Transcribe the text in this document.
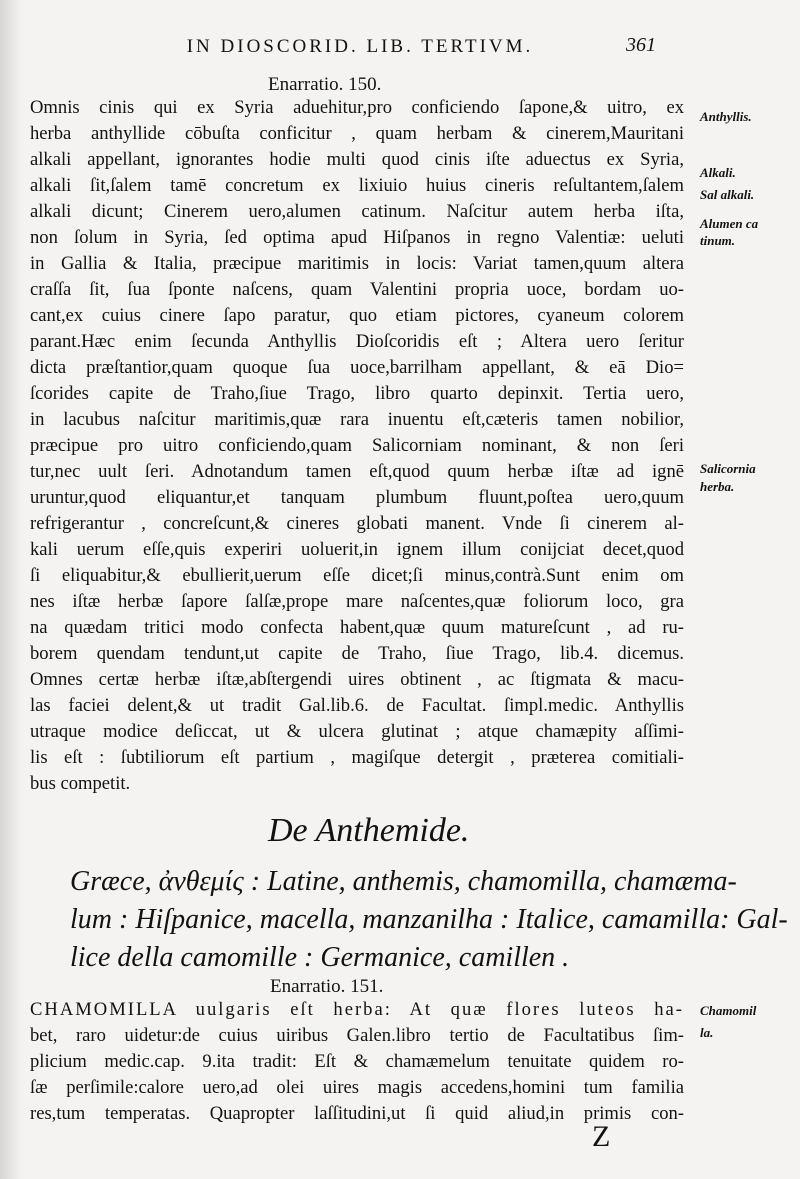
IN DIOSCORID. LIB. TERTIVM.	361
Enarratio. 150.
Omnis cinis qui ex Syria aduehitur,pro conficiendo ſapone,& uitro, ex
herba anthyllide cōbuſta conficitur , quam herbam & cinerem,Mauritani
alkali appellant, ignorantes hodie multi quod cinis iſte aduectus ex Syria,
alkali ſit,ſalem tamē concretum ex lixiuio huius cineris reſultantem,ſalem
alkali dicunt; Cinerem uero,alumen catinum. Naſcitur autem herba iſta,
non ſolum in Syria, ſed optima apud Hiſpanos in regno Valentiæ: ueluti
in Gallia & Italia, præcipue maritimis in locis: Variat tamen,quum altera
craſſa ſit, ſua ſponte naſcens, quam Valentini propria uoce, bordam uo-
cant,ex cuius cinere ſapo paratur, quo etiam pictores, cyaneum colorem
parant.Hæc enim ſecunda Anthyllis Dioſcoridis eſt ; Altera uero ſeritur
dicta præſtantior,quam quoque ſua uoce,barrilham appellant, & eā Dio=
ſcorides capite de Traho,ſiue Trago, libro quarto depinxit. Tertia uero,
in lacubus naſcitur maritimis,quæ rara inuentu eſt,cæteris tamen nobilior,
præcipue pro uitro conficiendo,quam Salicorniam nominant, & non ſeri
tur,nec uult ſeri. Adnotandum tamen eſt,quod quum herbæ iſtæ ad ignē
uruntur,quod eliquantur,et tanquam plumbum fluunt,poſtea uero,quum
refrigerantur , concreſcunt,& cineres globati manent. Vnde ſi cinerem al-
kali uerum eſſe,quis experiri uoluerit,in ignem illum conijciat decet,quod
ſi eliquabitur,& ebullierit,uerum eſſe dicet;ſi minus,contrà.Sunt enim om
nes iſtæ herbæ ſapore ſalſæ,prope mare naſcentes,quæ foliorum loco, gra
na quædam tritici modo confecta habent,quæ quum matureſcunt , ad ru-
borem quendam tendunt,ut capite de Traho, ſiue Trago, lib.4. dicemus.
Omnes certæ herbæ iſtæ,abſtergendi uires obtinent , ac ſtigmata & macu-
las faciei delent,& ut tradit Gal.lib.6. de Facultat. ſimpl.medic. Anthyllis
utraque modice deſiccat, ut & ulcera glutinat ; atque chamæpity aſſimi-
lis eſt : ſubtiliorum eſt partium , magiſque detergit , præterea comitiali-
bus competit.
De Anthemide.
Græce, ἀνθεμίς : Latine, anthemis, chamomilla, chamæma-
lum : Hiſpanice, macella, manzanilha : Italice, camamilla: Gal-
lice della camomille : Germanice, camillen .
Enarratio. 151.
CHAMOMILLA uulgaris eſt herba: At quæ flores luteos ha-
bet, raro uidetur:de cuius uiribus Galen.libro tertio de Facultatibus ſim-
plicium medic.cap. 9.ita tradit: Eſt & chamæmelum tenuitate quidem ro-
ſæ perſimile:calore uero,ad olei uires magis accedens,homini tum familia
res,tum temperatas. Quapropter laſſitudini,ut ſi quid aliud,in primis con-
Anthyllis.
Alkali.
Sal alkali.
Alumen ca
tinum.
Salicornia
herba.
Chamomil
la.
Z
